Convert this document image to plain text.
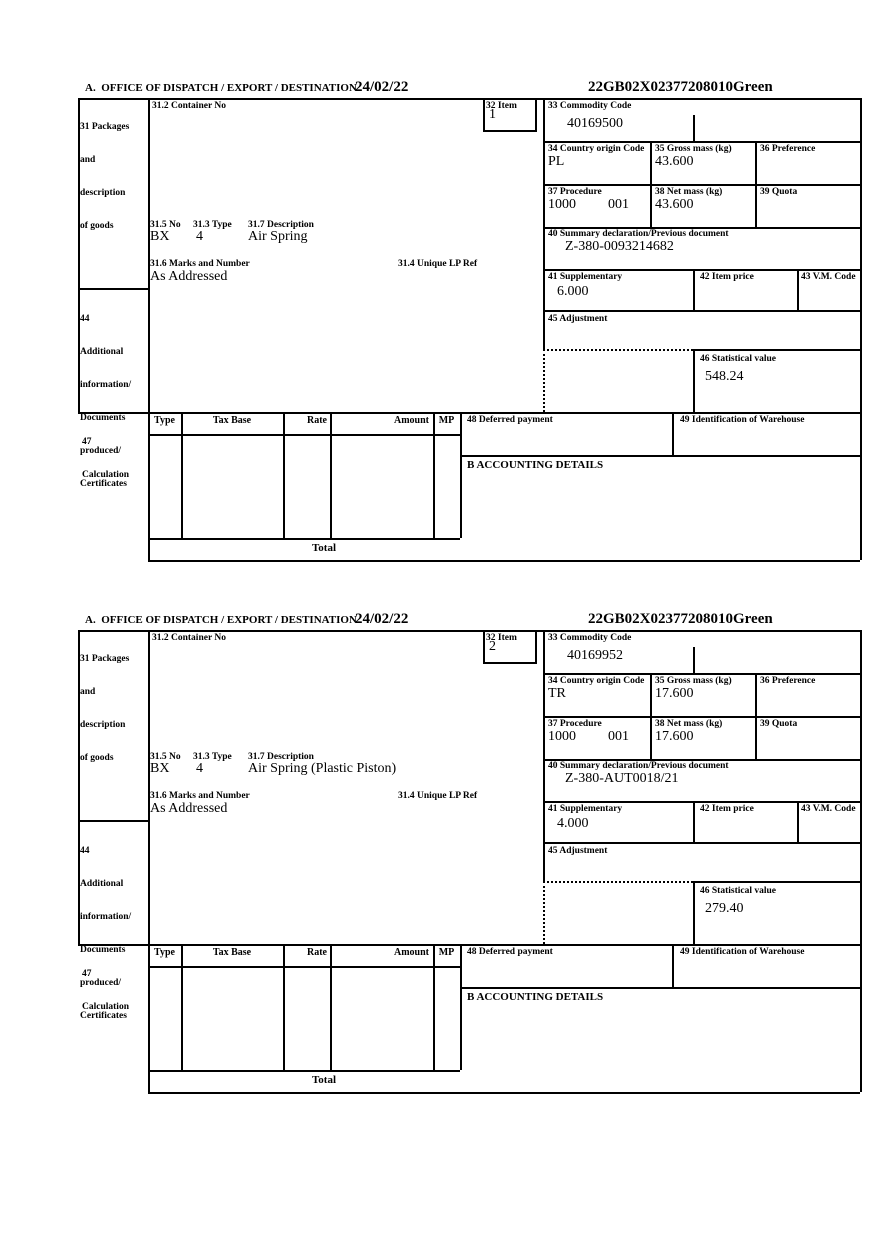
A.  OFFICE OF DISPATCH / EXPORT / DESTINATION
24/02/22	22GB02X02377208010 Green

31 Packages

and

description

of goods

44

Additional

information/

Documents

produced/

Certificates

47

Calculation

31.2 Container No	32 Item
1
31.5 No 31.3 Type 31.7 Description
BX 4	Air Spring
31.6 Marks and Number	31.4 Unique LP Ref
As Addressed
33 Commodity Code
40169500
34 Country origin Code
PL
35 Gross mass (kg)
43.600
36 Preference
37 Procedure
1000 001
38 Net mass (kg)
43.600
39 Quota
40 Summary declaration/Previous document
Z-380-0093214682
41 Supplementary
6.000
42 Item price	43 V.M. Code
45 Adjustment
46 Statistical value
548.24
Type	Tax Base	Rate	Amount MP	48 Deferred payment	49 Identification of Warehouse
B ACCOUNTING DETAILS
Total
A.  OFFICE OF DISPATCH / EXPORT / DESTINATION
24/02/22	22GB02X02377208010 Green

31 Packages

and

description

of goods

44

Additional

information/

Documents

produced/

Certificates

47

Calculation

31.2 Container No	32 Item
2
31.5 No 31.3 Type 31.7 Description
BX 4	Air Spring (Plastic Piston)
31.6 Marks and Number	31.4 Unique LP Ref
As Addressed
33 Commodity Code
40169952
34 Country origin Code
TR
35 Gross mass (kg)
17.600
36 Preference
37 Procedure
1000 001
38 Net mass (kg)
17.600
39 Quota
40 Summary declaration/Previous document
Z-380-AUT0018/21
41 Supplementary
4.000
42 Item price	43 V.M. Code
45 Adjustment
46 Statistical value
279.40
Type	Tax Base	Rate	Amount MP	48 Deferred payment	49 Identification of Warehouse
B ACCOUNTING DETAILS
Total
